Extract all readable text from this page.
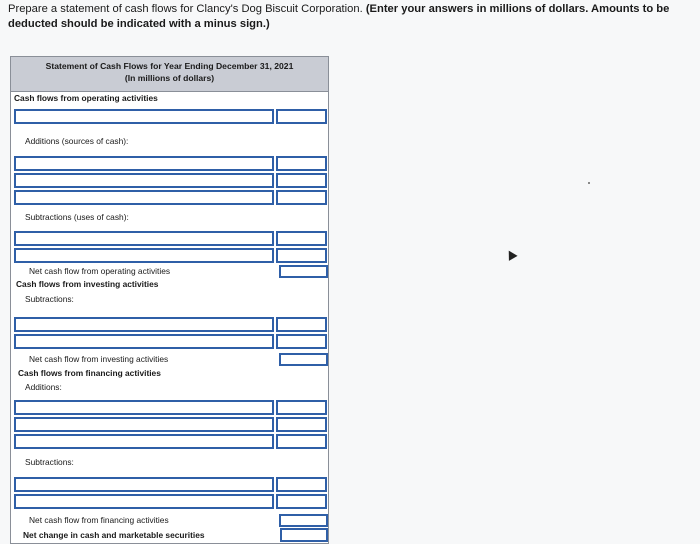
Prepare a statement of cash flows for Clancy's Dog Biscuit Corporation. (Enter your answers in millions of dollars. Amounts to be deducted should be indicated with a minus sign.)
Statement of Cash Flows for Year Ending December 31, 2021
(In millions of dollars)
Cash flows from operating activities
Additions (sources of cash):
Subtractions (uses of cash):
Net cash flow from operating activities
Cash flows from investing activities
Subtractions:
Net cash flow from investing activities
Cash flows from financing activities
Additions:
Subtractions:
Net cash flow from financing activities
Net change in cash and marketable securities
